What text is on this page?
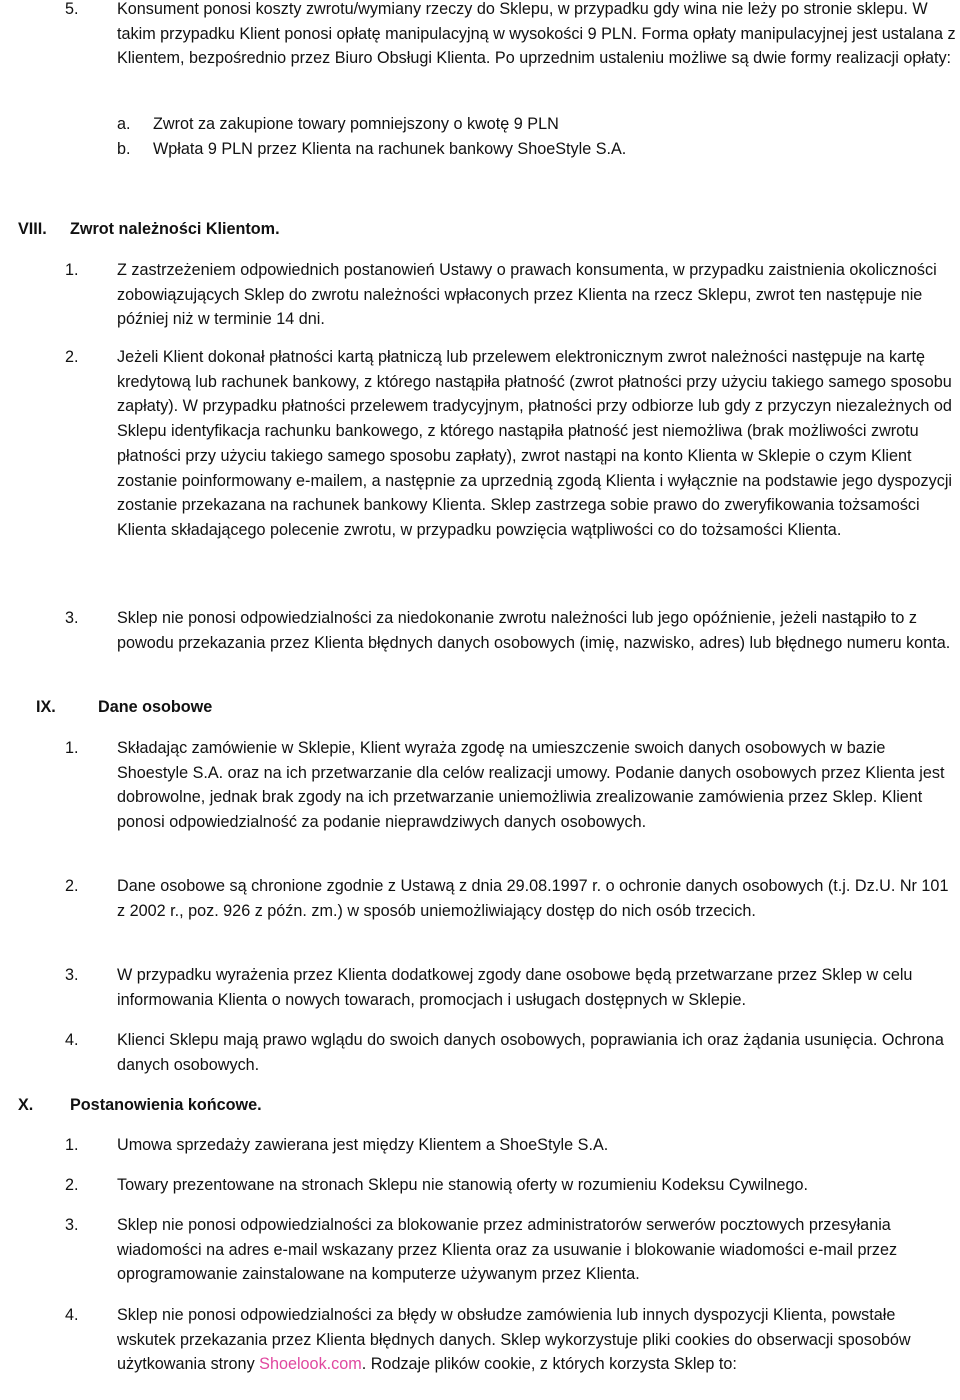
5. Konsument ponosi koszty zwrotu/wymiany rzeczy do Sklepu, w przypadku gdy wina nie leży po stronie sklepu. W takim przypadku Klient ponosi opłatę manipulacyjną w wysokości 9 PLN. Forma opłaty manipulacyjnej jest ustalana z Klientem, bezpośrednio przez Biuro Obsługi Klienta. Po uprzednim ustaleniu możliwe są dwie formy realizacji opłaty:
a. Zwrot za zakupione towary pomniejszony o kwotę 9 PLN
b. Wpłata 9 PLN przez Klienta na rachunek bankowy ShoeStyle S.A.
VIII. Zwrot należności Klientom.
1. Z zastrzeżeniem odpowiednich postanowień Ustawy o prawach konsumenta, w przypadku zaistnienia okoliczności zobowiązujących Sklep do zwrotu należności wpłaconych przez Klienta na rzecz Sklepu, zwrot ten następuje nie później niż w terminie 14 dni.
2. Jeżeli Klient dokonał płatności kartą płatniczą lub przelewem elektronicznym zwrot należności następuje na kartę kredytową lub rachunek bankowy, z którego nastąpiła płatność (zwrot płatności przy użyciu takiego samego sposobu zapłaty). W przypadku płatności przelewem tradycyjnym, płatności przy odbiorze lub gdy z przyczyn niezależnych od Sklepu identyfikacja rachunku bankowego, z którego nastąpiła płatność jest niemożliwa (brak możliwości zwrotu płatności przy użyciu takiego samego sposobu zapłaty), zwrot nastąpi na konto Klienta w Sklepie o czym Klient zostanie poinformowany e-mailem, a następnie za uprzednią zgodą Klienta i wyłącznie na podstawie jego dyspozycji zostanie przekazana na rachunek bankowy Klienta. Sklep zastrzega sobie prawo do zweryfikowania tożsamości Klienta składającego polecenie zwrotu, w przypadku powzięcia wątpliwości co do tożsamości Klienta.
3. Sklep nie ponosi odpowiedzialności za niedokonanie zwrotu należności lub jego opóźnienie, jeżeli nastąpiło to z powodu przekazania przez Klienta błędnych danych osobowych (imię, nazwisko, adres) lub błędnego numeru konta.
IX.	Dane osobowe
1. Składając zamówienie w Sklepie, Klient wyraża zgodę na umieszczenie swoich danych osobowych w bazie Shoestyle S.A. oraz na ich przetwarzanie dla celów realizacji umowy. Podanie danych osobowych przez Klienta jest dobrowolne, jednak brak zgody na ich przetwarzanie uniemożliwia zrealizowanie zamówienia przez Sklep. Klient ponosi odpowiedzialność za podanie nieprawdziwych danych osobowych.
2. Dane osobowe są chronione zgodnie z Ustawą z dnia 29.08.1997 r. o ochronie danych osobowych (t.j. Dz.U. Nr 101 z 2002 r., poz. 926 z późn. zm.) w sposób uniemożliwiający dostęp do nich osób trzecich.
3. W przypadku wyrażenia przez Klienta dodatkowej zgody dane osobowe będą przetwarzane przez Sklep w celu informowania Klienta o nowych towarach, promocjach i usługach dostępnych w Sklepie.
4. Klienci Sklepu mają prawo wglądu do swoich danych osobowych, poprawiania ich oraz żądania usunięcia. Ochrona danych osobowych.
X. Postanowienia końcowe.
1. Umowa sprzedaży zawierana jest między Klientem a ShoeStyle S.A.
2. Towary prezentowane na stronach Sklepu nie stanowią oferty w rozumieniu Kodeksu Cywilnego.
3. Sklep nie ponosi odpowiedzialności za blokowanie przez administratorów serwerów pocztowych przesyłania wiadomości na adres e-mail wskazany przez Klienta oraz za usuwanie i blokowanie wiadomości e-mail przez oprogramowanie zainstalowane na komputerze używanym przez Klienta.
4. Sklep nie ponosi odpowiedzialności za błędy w obsłudze zamówienia lub innych dyspozycji Klienta, powstałe wskutek przekazania przez Klienta błędnych danych. Sklep wykorzystuje pliki cookies do obserwacji sposobów użytkowania strony Shoelook.com. Rodzaje plików cookie, z których korzysta Sklep to:
